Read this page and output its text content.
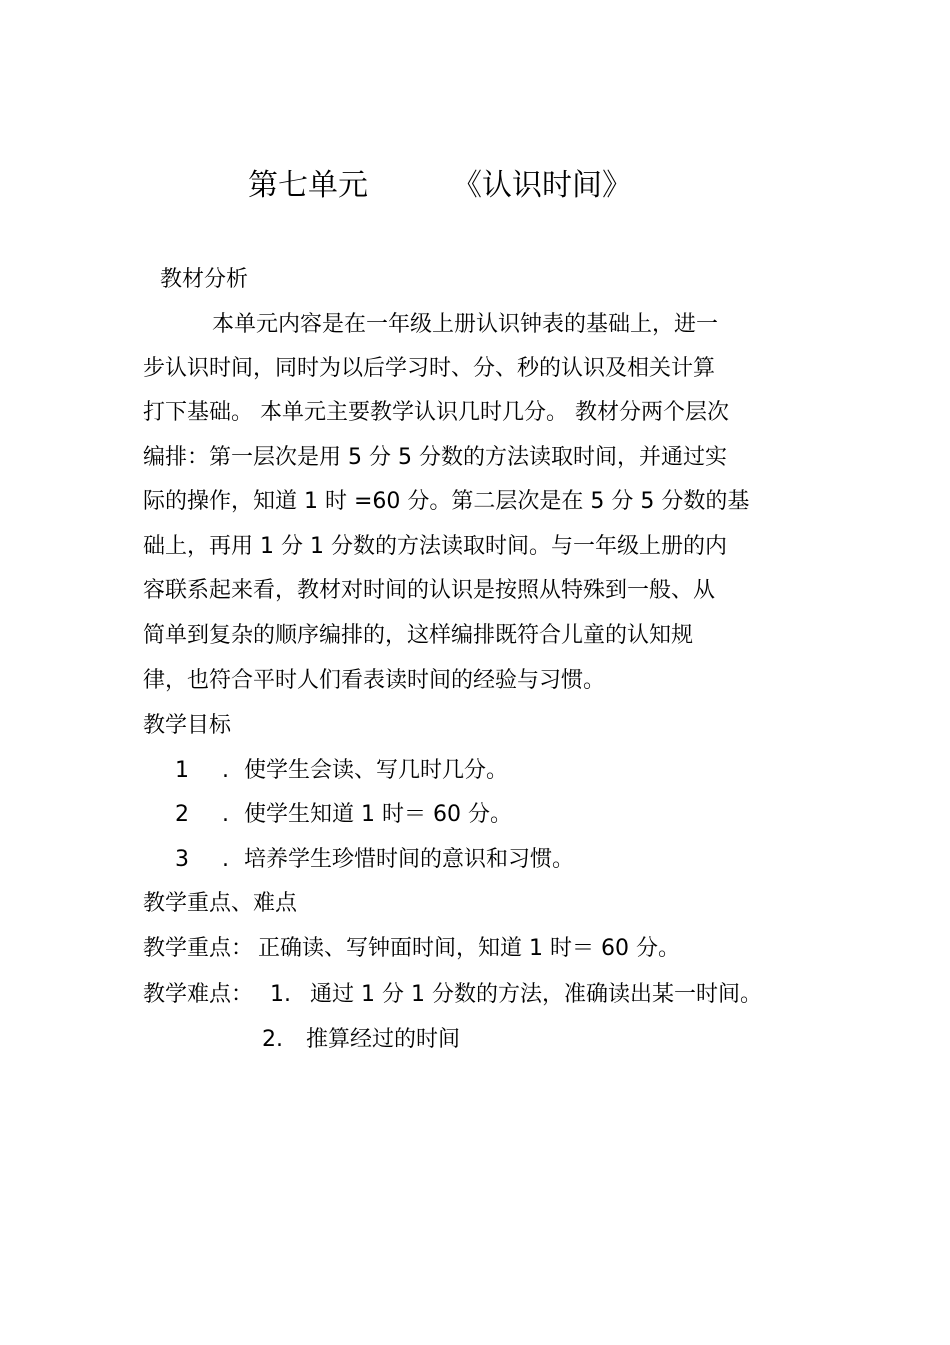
第七单元	《认识时间》
教材分析
本单元内容是在一年级上册认识钟表的基础上，进一
步认识时间，同时为以后学习时、分、秒的认识及相关计算
打下基础。 本单元主要教学认识几时几分。 教材分两个层次
编排：第一层次是用 5 分 5 分数的方法读取时间，并通过实
际的操作，知道 1 时 =60 分。第二层次是在 5 分 5 分数的基
础上，再用 1 分 1 分数的方法读取时间。与一年级上册的内
容联系起来看，教材对时间的认识是按照从特殊到一般、从
简单到复杂的顺序编排的，这样编排既符合儿童的认知规
律，也符合平时人们看表读时间的经验与习惯。
教学目标
1 . 使学生会读、写几时几分。
2 . 使学生知道 1 时＝ 60 分。
3 . 培养学生珍惜时间的意识和习惯。
教学重点、难点
教学重点： 正确读、写钟面时间，知道 1 时＝ 60 分。
教学难点： 1. 通过 1 分 1 分数的方法，准确读出某一时间。
2. 推算经过的时间
